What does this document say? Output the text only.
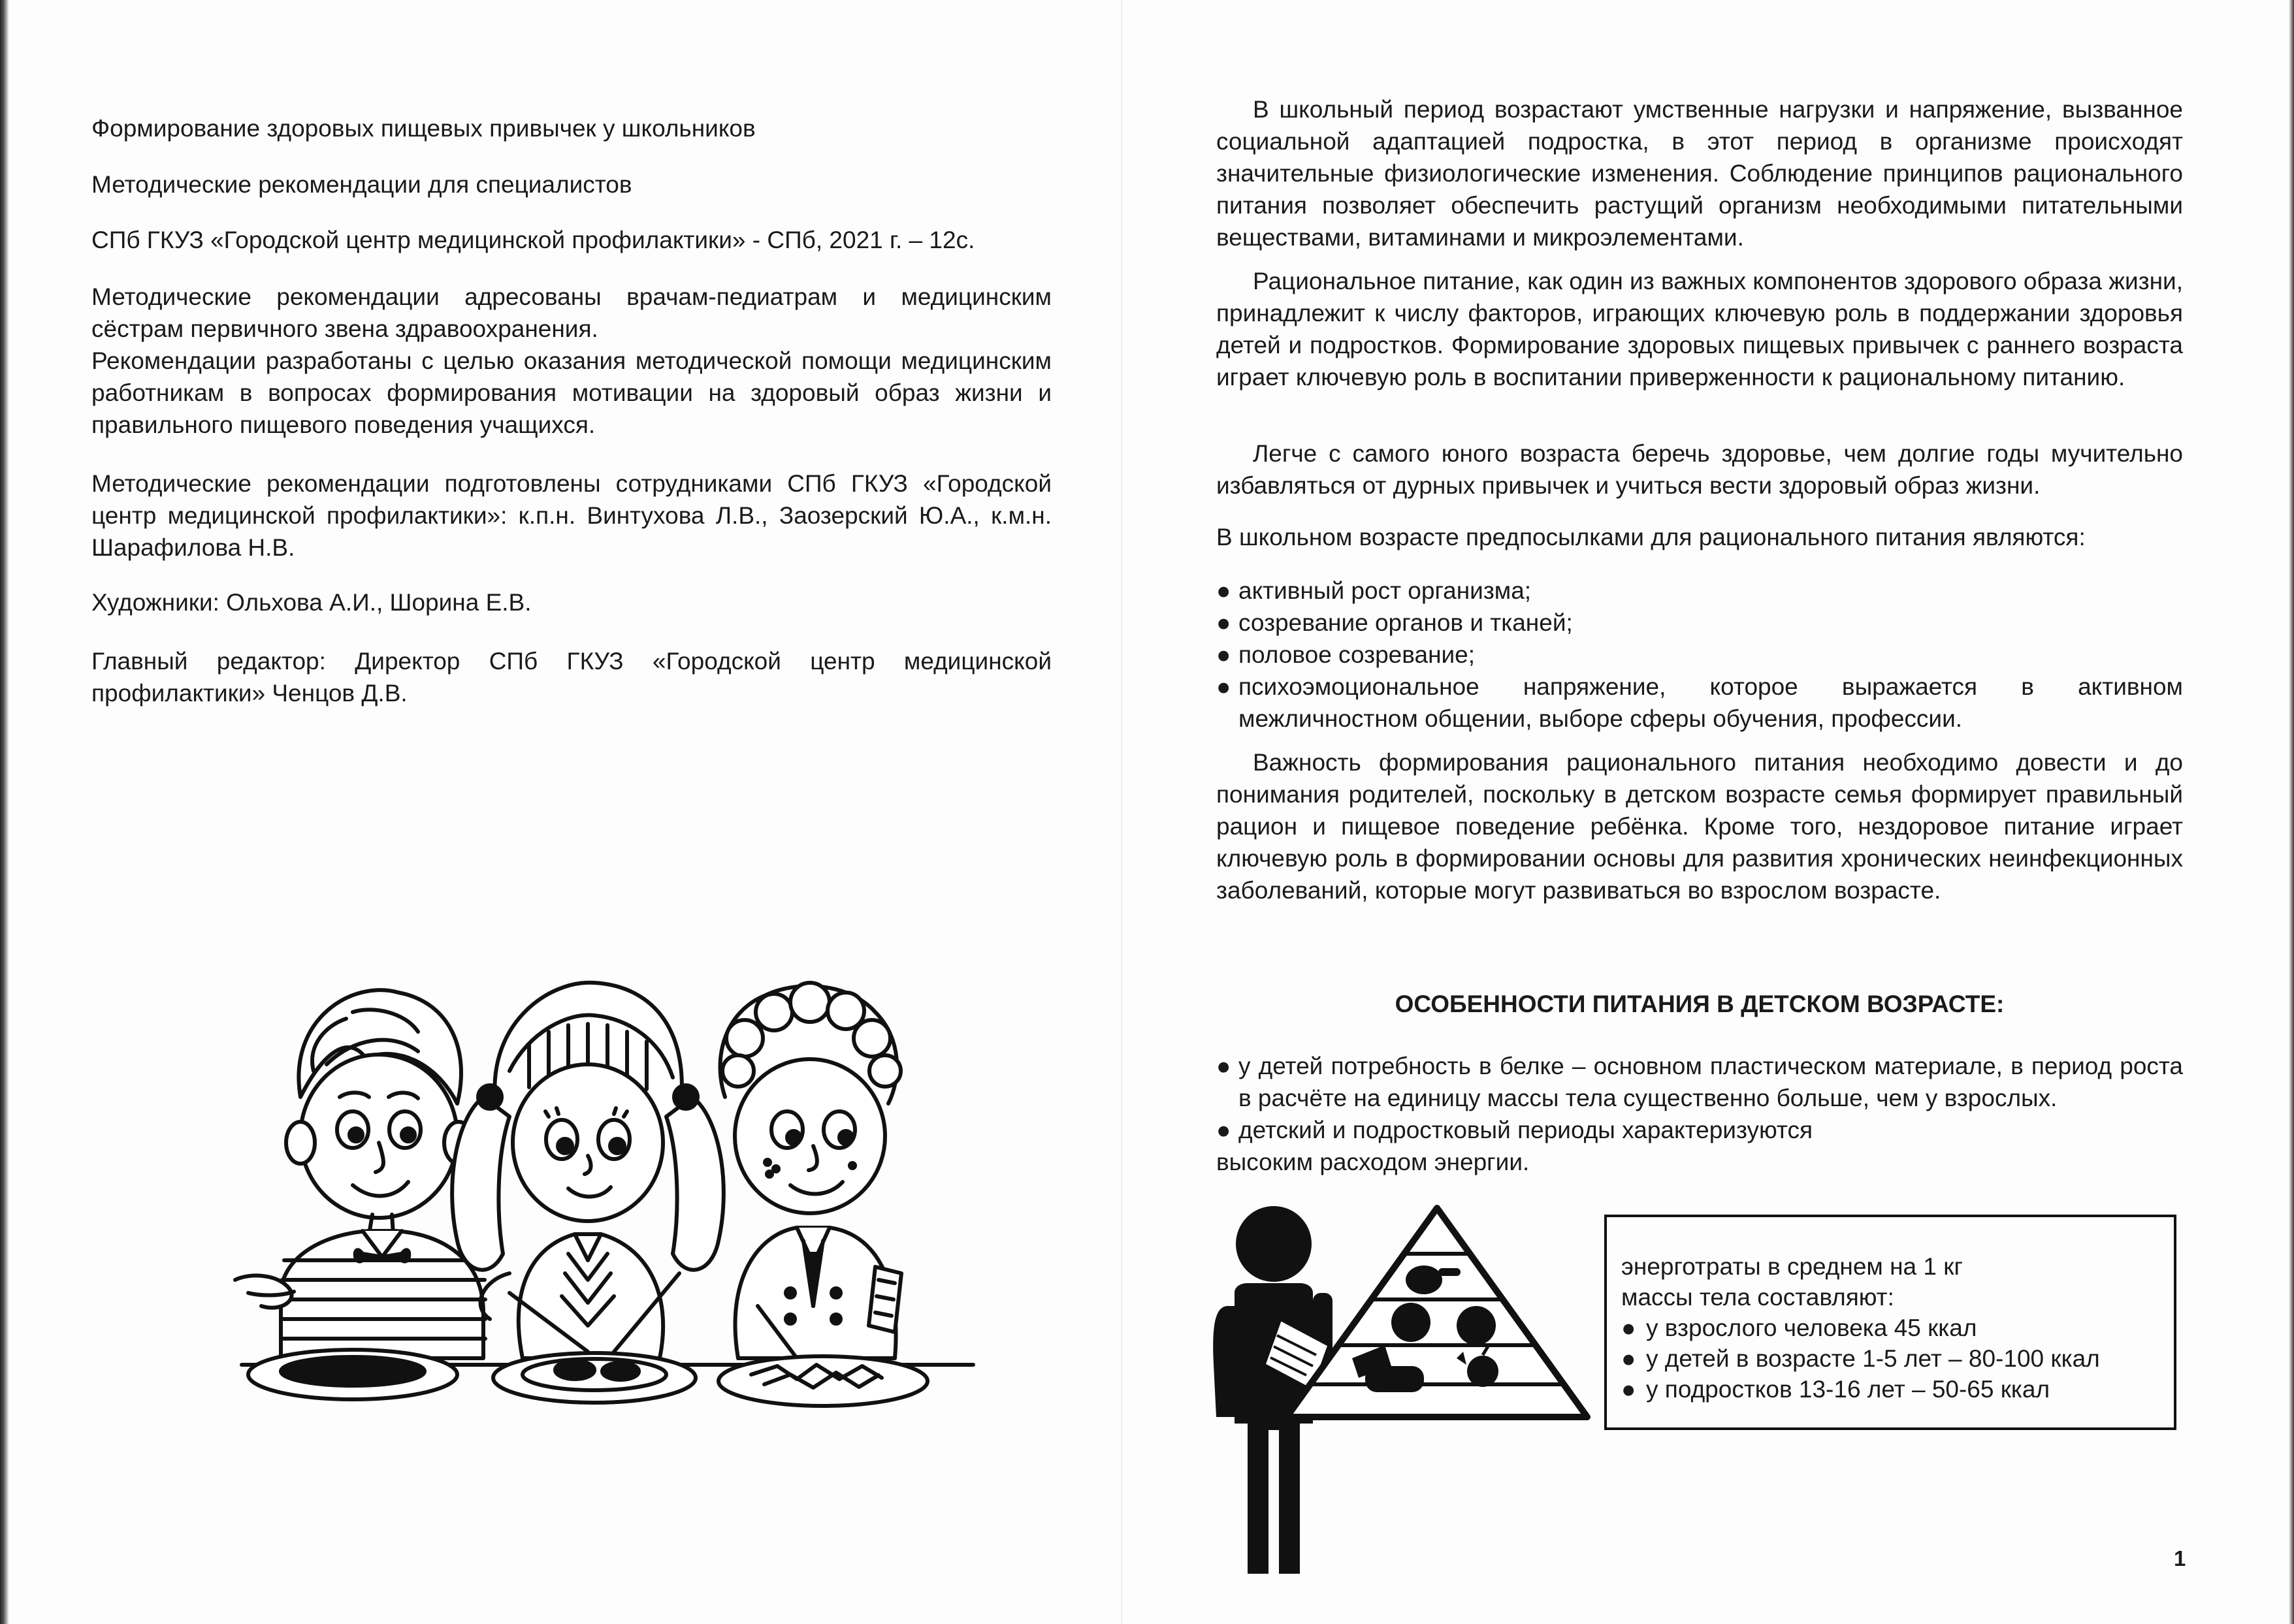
Формирование здоровых пищевых привычек у школьников

Методические рекомендации для специалистов

СПб ГКУЗ «Городской центр медицинской профилактики» - СПб, 2021 г. – 12с.

Методические рекомендации адресованы врачам-педиатрам и медицинским сёстрам первичного звена здравоохранения.

Рекомендации разработаны с целью оказания методической помощи медицинским работникам в вопросах формирования мотивации на здоровый образ жизни и правильного пищевого поведения учащихся.

Методические рекомендации подготовлены сотрудниками СПб ГКУЗ «Городской центр медицинской профилактики»: к.п.н. Винтухова Л.В., Заозерский Ю.А., к.м.н. Шарафилова Н.В.

Художники: Ольхова А.И., Шорина Е.В.

Главный редактор: Директор СПб ГКУЗ «Городской центр медицинской профилактики» Ченцов Д.В.

В школьный период возрастают умственные нагрузки и напряжение, вызванное социальной адаптацией подростка, в этот период в организме происходят значительные физиологические изменения. Соблюдение принципов рационального питания позволяет обеспечить растущий организм необходимыми питательными веществами, витаминами и микроэлементами.

Рациональное питание, как один из важных компонентов здорового образа жизни, принадлежит к числу факторов, играющих ключевую роль в поддержании здоровья детей и подростков. Формирование здоровых пищевых привычек с раннего возраста играет ключевую роль в воспитании приверженности к рациональному питанию.

Легче с самого юного возраста беречь здоровье, чем долгие годы мучительно избавляться от дурных привычек и учиться вести здоровый образ жизни.

В школьном возрасте предпосылками для рационального питания являются:

● активный рост организма;
● созревание органов и тканей;
● половое созревание;
● психоэмоциональное напряжение, которое выражается в активном межличностном общении, выборе сферы обучения, профессии.

Важность формирования рационального питания необходимо довести и до понимания родителей, поскольку в детском возрасте семья формирует правильный рацион и пищевое поведение ребёнка. Кроме того, нездоровое питание играет ключевую роль в формировании основы для развития хронических неинфекционных заболеваний, которые могут развиваться во взрослом возрасте.

ОСОБЕННОСТИ ПИТАНИЯ В ДЕТСКОМ ВОЗРАСТЕ:
● у детей потребность в белке – основном пластическом материале, в период роста в расчёте на единицу массы тела существенно больше, чем у взрослых.
● детский и подростковый периоды характеризуются

высоким расходом энергии.

энерготраты в среднем на 1 кг
массы тела составляют:
● у взрослого человека 45 ккал
● у детей в возрасте 1-5 лет – 80-100 ккал
● у подростков 13-16 лет – 50-65 ккал
1
